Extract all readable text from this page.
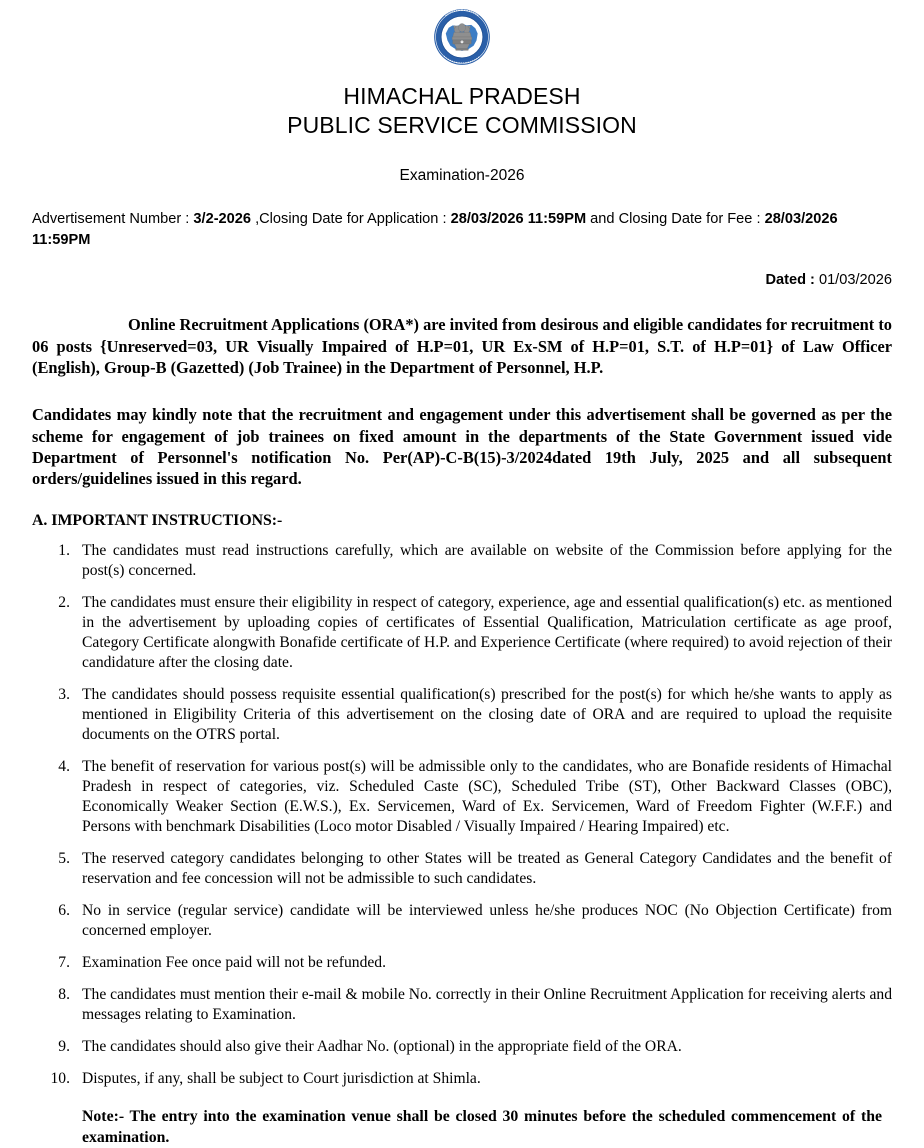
HIMACHAL PRADESH
PUBLIC SERVICE COMMISSION
Examination-2026
Advertisement Number : 3/2-2026 ,Closing Date for Application : 28/03/2026 11:59PM and Closing Date for Fee : 28/03/2026 11:59PM
Dated : 01/03/2026
Online Recruitment Applications (ORA*) are invited from desirous and eligible candidates for recruitment to 06 posts {Unreserved=03, UR Visually Impaired of H.P=01, UR Ex-SM of H.P=01, S.T. of H.P=01} of Law Officer (English), Group-B (Gazetted) (Job Trainee) in the Department of Personnel, H.P.
Candidates may kindly note that the recruitment and engagement under this advertisement shall be governed as per the scheme for engagement of job trainees on fixed amount in the departments of the State Government issued vide Department of Personnel's notification No. Per(AP)-C-B(15)-3/2024dated 19th July, 2025 and all subsequent orders/guidelines issued in this regard.
A. IMPORTANT INSTRUCTIONS:-
1. The candidates must read instructions carefully, which are available on website of the Commission before applying for the post(s) concerned.
2. The candidates must ensure their eligibility in respect of category, experience, age and essential qualification(s) etc. as mentioned in the advertisement by uploading copies of certificates of Essential Qualification, Matriculation certificate as age proof, Category Certificate alongwith Bonafide certificate of H.P. and Experience Certificate (where required) to avoid rejection of their candidature after the closing date.
3. The candidates should possess requisite essential qualification(s) prescribed for the post(s) for which he/she wants to apply as mentioned in Eligibility Criteria of this advertisement on the closing date of ORA and are required to upload the requisite documents on the OTRS portal.
4. The benefit of reservation for various post(s) will be admissible only to the candidates, who are Bonafide residents of Himachal Pradesh in respect of categories, viz. Scheduled Caste (SC), Scheduled Tribe (ST), Other Backward Classes (OBC), Economically Weaker Section (E.W.S.), Ex. Servicemen, Ward of Ex. Servicemen, Ward of Freedom Fighter (W.F.F.) and Persons with benchmark Disabilities (Loco motor Disabled / Visually Impaired / Hearing Impaired) etc.
5. The reserved category candidates belonging to other States will be treated as General Category Candidates and the benefit of reservation and fee concession will not be admissible to such candidates.
6. No in service (regular service) candidate will be interviewed unless he/she produces NOC (No Objection Certificate) from concerned employer.
7. Examination Fee once paid will not be refunded.
8. The candidates must mention their e-mail & mobile No. correctly in their Online Recruitment Application for receiving alerts and messages relating to Examination.
9. The candidates should also give their Aadhar No. (optional) in the appropriate field of the ORA.
10. Disputes, if any, shall be subject to Court jurisdiction at Shimla.
Note:- The entry into the examination venue shall be closed 30 minutes before the scheduled commencement of the examination.
